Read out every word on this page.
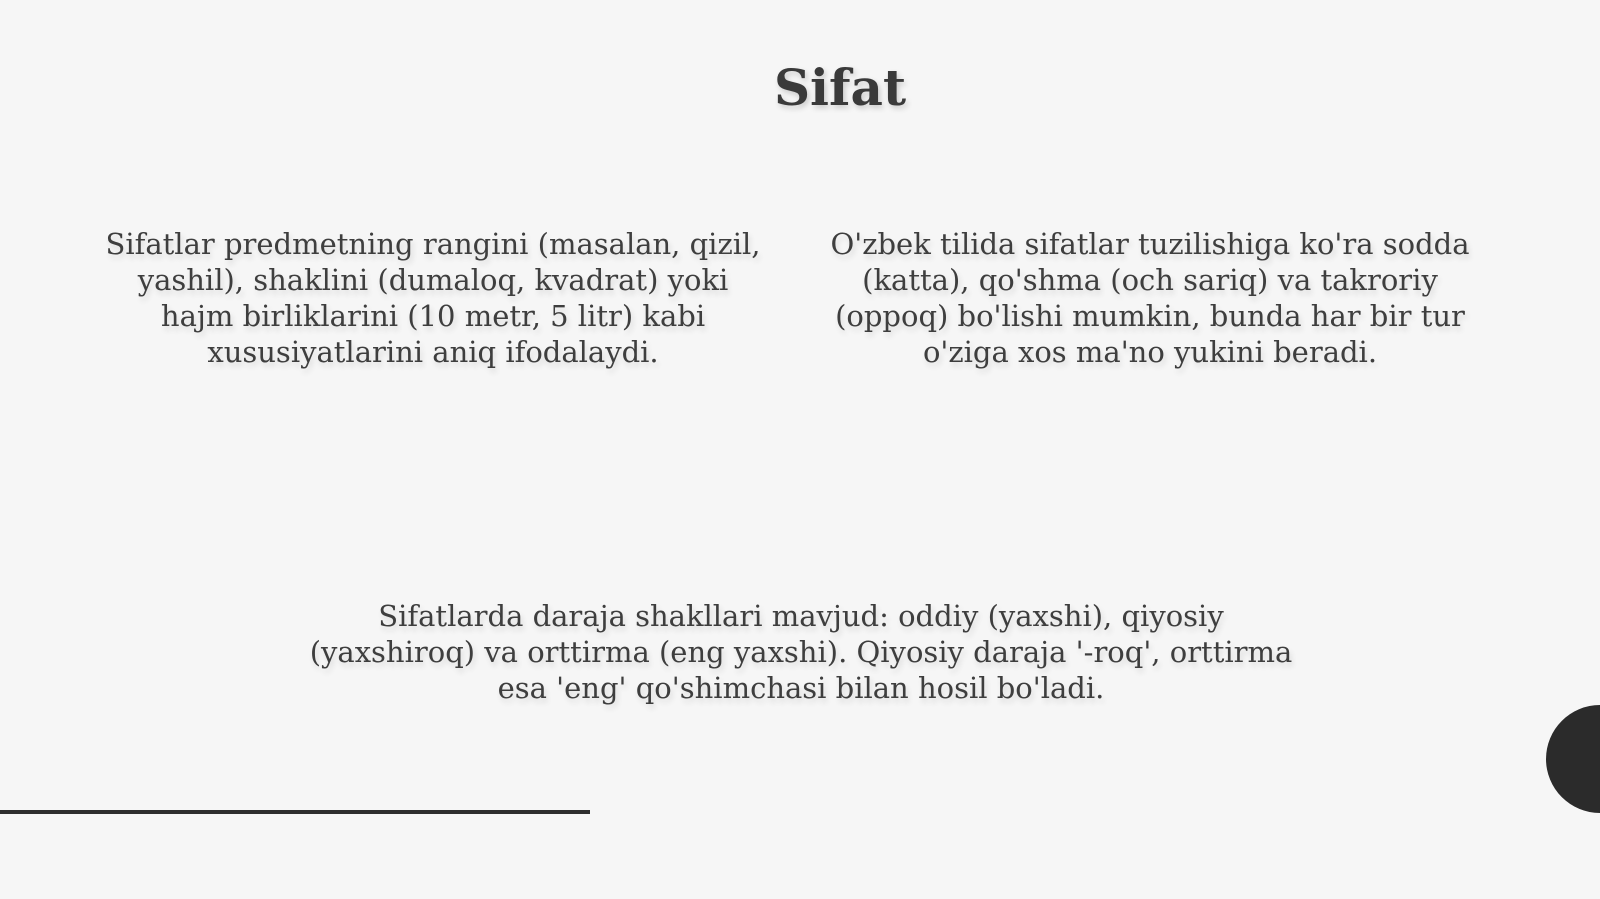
Sifat

Sifatlar predmetning rangini (masalan, qizil, yashil), shaklini (dumaloq, kvadrat) yoki hajm birliklarini (10 metr, 5 litr) kabi xususiyatlarini aniq ifodalaydi.

O'zbek tilida sifatlar tuzilishiga ko'ra sodda (katta), qo'shma (och sariq) va takroriy (oppoq) bo'lishi mumkin, bunda har bir tur o'ziga xos ma'no yukini beradi.

Sifatlarda daraja shakllari mavjud: oddiy (yaxshi), qiyosiy (yaxshiroq) va orttirma (eng yaxshi). Qiyosiy daraja '-roq', orttirma esa 'eng' qo'shimchasi bilan hosil bo'ladi.
